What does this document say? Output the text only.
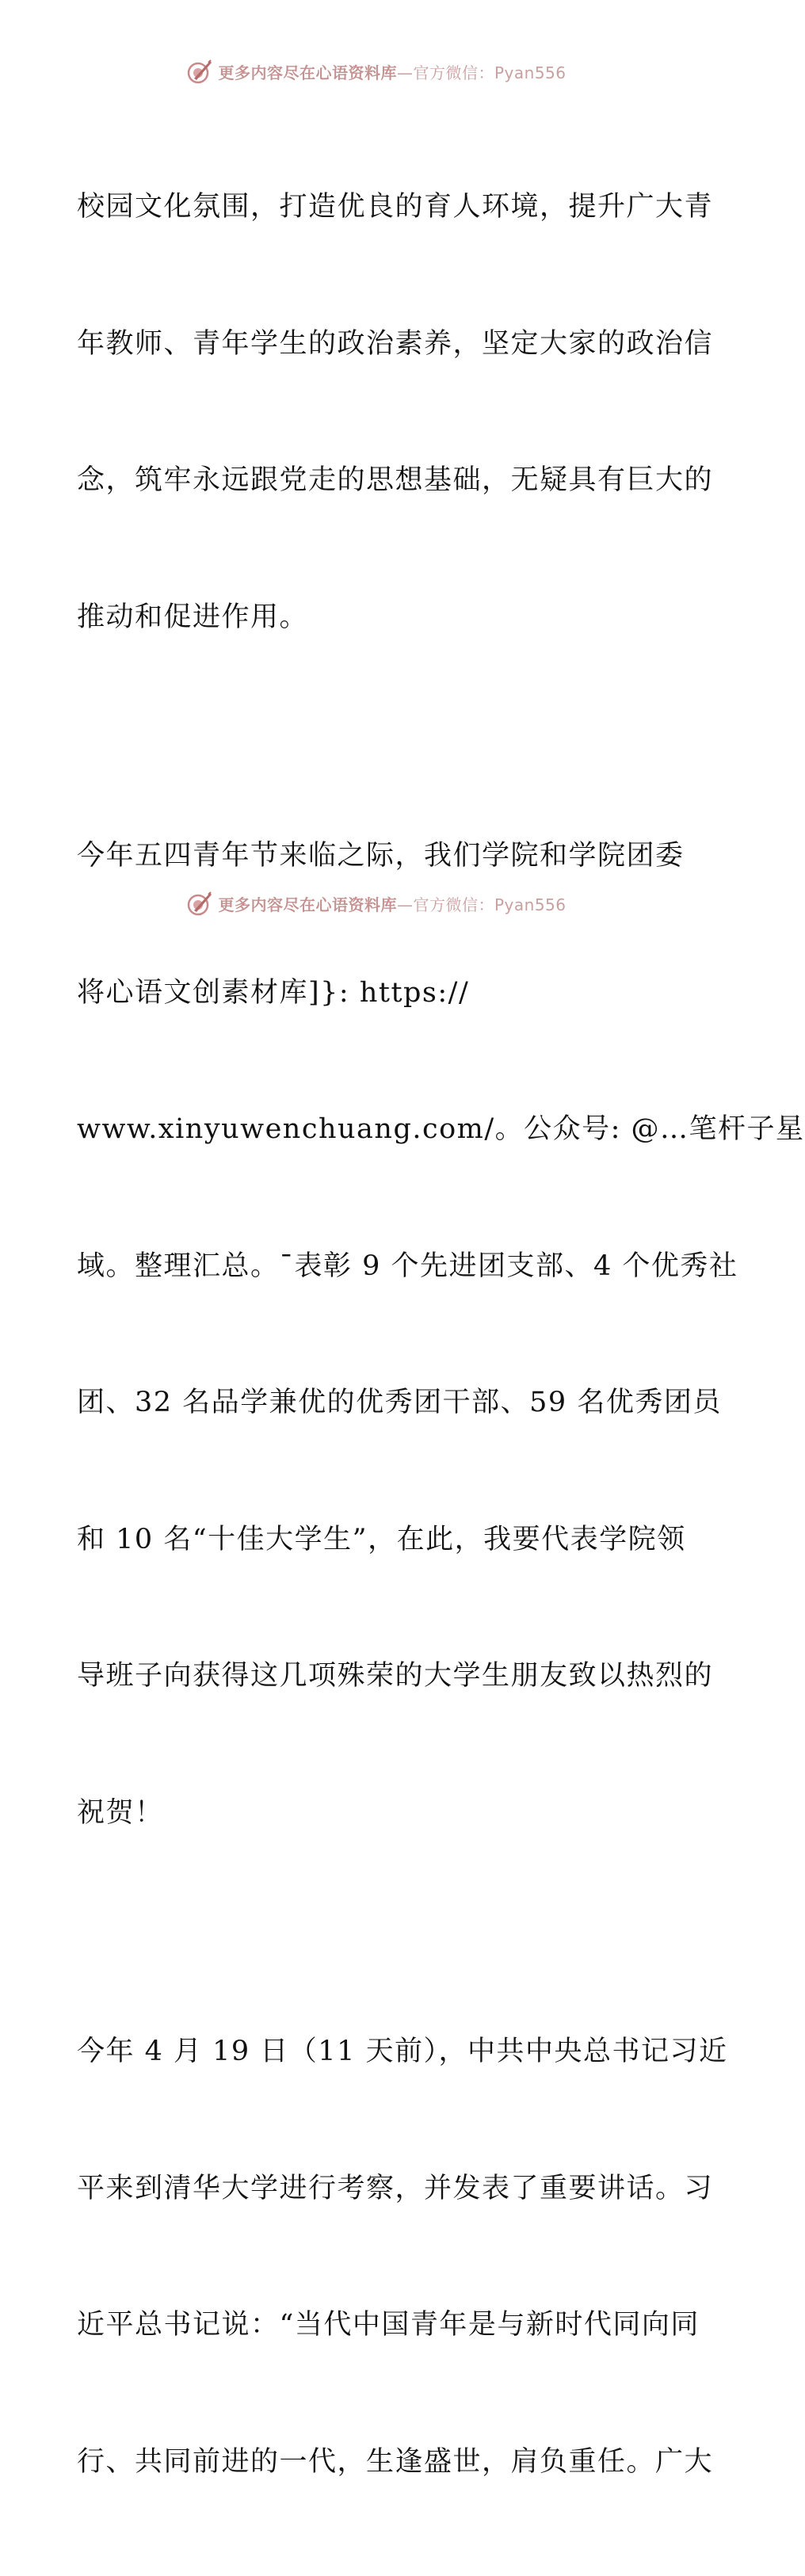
更多内容尽在心语资料库—官方微信：Pyan556

校园文化氛围，打造优良的育人环境，提升广大青

年教师、青年学生的政治素养，坚定大家的政治信

念，筑牢永远跟党走的思想基础，无疑具有巨大的

推动和促进作用。

今年五四青年节来临之际，我们学院和学院团委

将心语文创素材库]}: https://

www.xinyuwenchuang.com/。公众号: @…笔杆子星

域。整理汇总。¯表彰 9 个先进团支部、4 个优秀社

团、32 名品学兼优的优秀团干部、59 名优秀团员

和 10 名“十佳大学生”，在此，我要代表学院领

导班子向获得这几项殊荣的大学生朋友致以热烈的

祝贺！

今年 4 月 19 日（11 天前），中共中央总书记习近

平来到清华大学进行考察，并发表了重要讲话。习

近平总书记说：“当代中国青年是与新时代同向同

行、共同前进的一代，生逢盛世，肩负重任。广大

更多内容尽在心语资料库—官方微信：Pyan556
